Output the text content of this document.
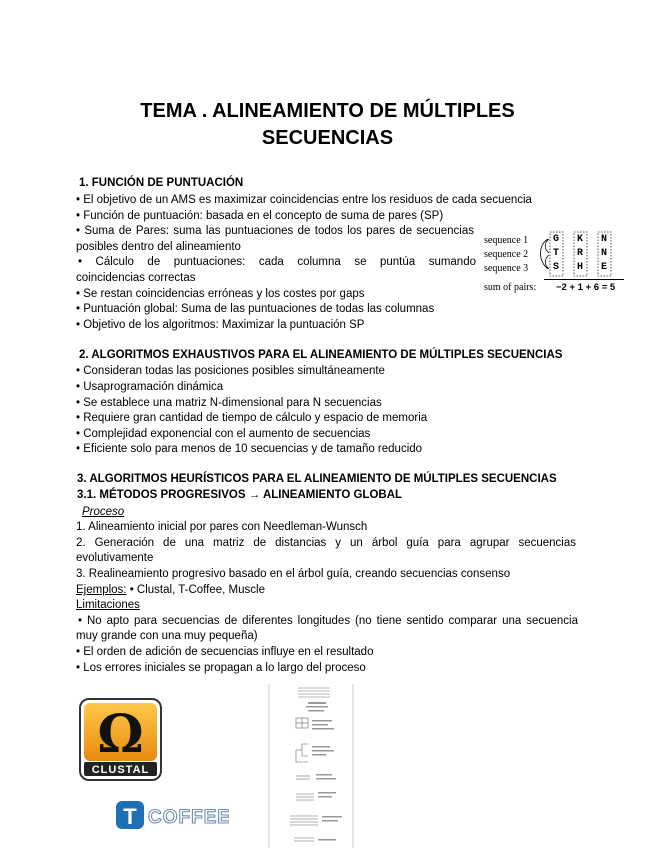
TEMA . ALINEAMIENTO DE MÚLTIPLES
SECUENCIAS
1. FUNCIÓN DE PUNTUACIÓN
• El objetivo de un AMS es maximizar coincidencias entre los residuos de cada secuencia
• Función de puntuación: basada en el concepto de suma de pares (SP)
• Suma de Pares: suma las puntuaciones de todos los pares de secuencias
posibles dentro del alineamiento
• Cálculo de puntuaciones: cada columna se puntúa sumando
coincidencias correctas
• Se restan coincidencias erróneas y los costes por gaps
• Puntuación global: Suma de las puntuaciones de todas las columnas
• Objetivo de los algoritmos: Maximizar la puntuación SP
sequence 1
sequence 2
sequence 3
G
T
S
K
R
H
N
N
E
sum of pairs: −2 + 1 + 6 = 5
2. ALGORITMOS EXHAUSTIVOS PARA EL ALINEAMIENTO DE MÚLTIPLES SECUENCIAS
• Consideran todas las posiciones posibles simultáneamente
• Usaprogramación dinámica
• Se establece una matriz N-dimensional para N secuencias
• Requiere gran cantidad de tiempo de cálculo y espacio de memoria
• Complejidad exponencial con el aumento de secuencias
• Eficiente solo para menos de 10 secuencias y de tamaño reducido
3. ALGORITMOS HEURÍSTICOS PARA EL ALINEAMIENTO DE MÚLTIPLES SECUENCIAS
3.1. MÉTODOS PROGRESIVOS → ALINEAMIENTO GLOBAL
Proceso
1. Alineamiento inicial por pares con Needleman-Wunsch
2. Generación de una matriz de distancias y un árbol guía para agrupar secuencias
evolutivamente
3. Realineamiento progresivo basado en el árbol guía, creando secuencias consenso
Ejemplos: • Clustal, T-Coffee, Muscle
Limitaciones
• No apto para secuencias de diferentes longitudes (no tiene sentido comparar una secuencia
muy grande con una muy pequeña)
• El orden de adición de secuencias influye en el resultado
• Los errores iniciales se propagan a lo largo del proceso
Ω
CLUSTAL
T COFFEE
